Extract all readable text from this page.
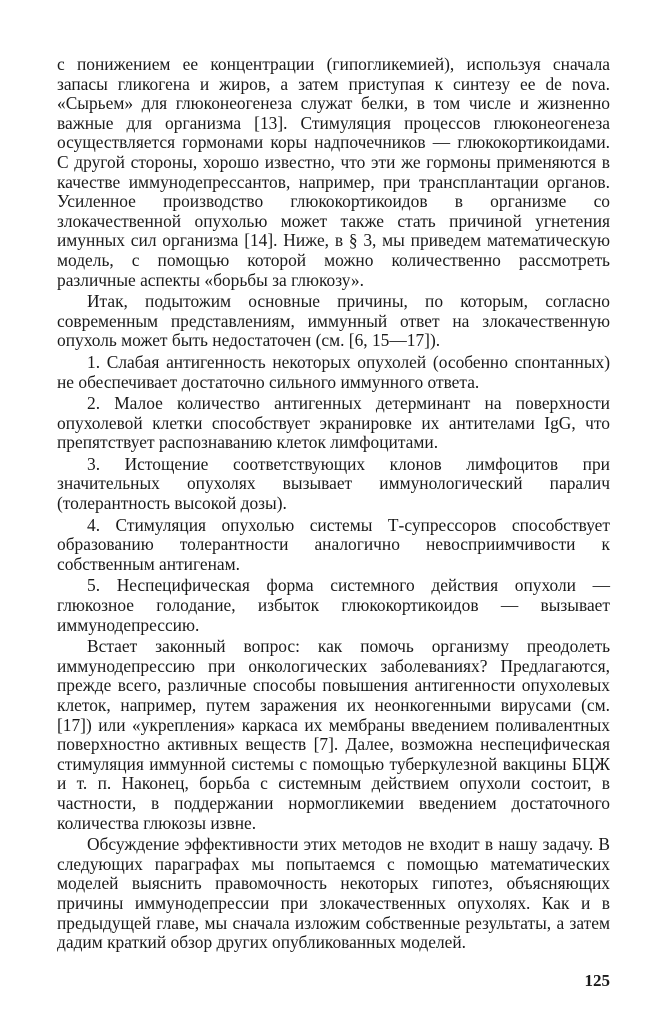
с понижением ее концентрации (гипогликемией), используя сначала запасы гликогена и жиров, а затем приступая к синтезу ее de nova. «Сырьем» для глюконеогенеза служат белки, в том числе и жизненно важные для организма [13]. Стимуляция процессов глюконеогенеза осуществляется гормонами коры надпочечников — глюкокортикоидами. С другой стороны, хорошо известно, что эти же гормоны применяются в качестве иммунодепрессантов, например, при трансплантации органов. Усиленное производство глюкокортикоидов в организме со злокачественной опухолью может также стать причиной угнетения имунных сил организма [14]. Ниже, в § 3, мы приведем математическую модель, с помощью которой можно количественно рассмотреть различные аспекты «борьбы за глюкозу».

Итак, подытожим основные причины, по которым, согласно современным представлениям, иммунный ответ на злокачественную опухоль может быть недостаточен (см. [6, 15—17]).

1. Слабая антигенность некоторых опухолей (особенно спонтанных) не обеспечивает достаточно сильного иммунного ответа.

2. Малое количество антигенных детерминант на поверхности опухолевой клетки способствует экранировке их антителами IgG, что препятствует распознаванию клеток лимфоцитами.

3. Истощение соответствующих клонов лимфоцитов при значительных опухолях вызывает иммунологический паралич (толерантность высокой дозы).

4. Стимуляция опухолью системы Т-супрессоров способствует образованию толерантности аналогично невосприимчивости к собственным антигенам.

5. Неспецифическая форма системного действия опухоли — глюкозное голодание, избыток глюкокортикоидов — вызывает иммунодепрессию.

Встает законный вопрос: как помочь организму преодолеть иммунодепрессию при онкологических заболеваниях? Предлагаются, прежде всего, различные способы повышения антигенности опухолевых клеток, например, путем заражения их неонкогенными вирусами (см. [17]) или «укрепления» каркаса их мембраны введением поливалентных поверхностно активных веществ [7]. Далее, возможна неспецифическая стимуляция иммунной системы с помощью туберкулезной вакцины БЦЖ и т. п. Наконец, борьба с системным действием опухоли состоит, в частности, в поддержании нормогликемии введением достаточного количества глюкозы извне.

Обсуждение эффективности этих методов не входит в нашу задачу. В следующих параграфах мы попытаемся с помощью математических моделей выяснить правомочность некоторых гипотез, объясняющих причины иммунодепрессии при злокачественных опухолях. Как и в предыдущей главе, мы сначала изложим собственные результаты, а затем дадим краткий обзор других опубликованных моделей.

125
